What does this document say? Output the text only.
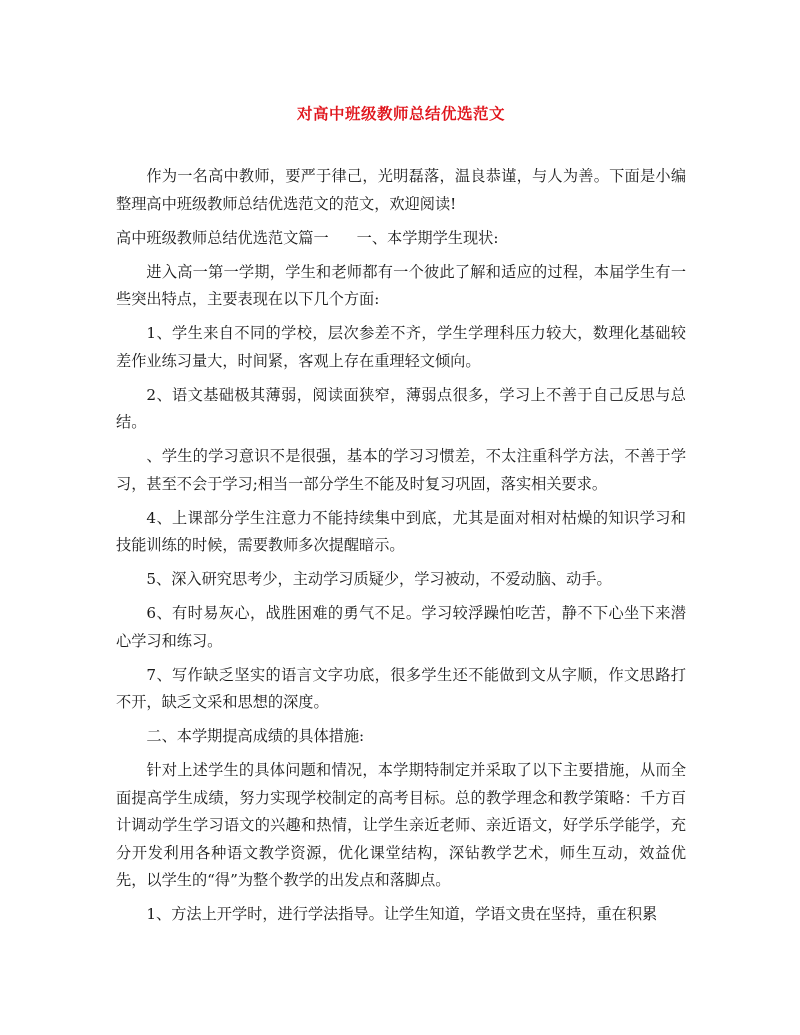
对高中班级教师总结优选范文

作为一名高中教师，要严于律己，光明磊落，温良恭谨，与人为善。下面是小编整理高中班级教师总结优选范文的范文，欢迎阅读!

高中班级教师总结优选范文篇一 一、本学期学生现状:

进入高一第一学期，学生和老师都有一个彼此了解和适应的过程，本届学生有一些突出特点，主要表现在以下几个方面:

1、学生来自不同的学校，层次参差不齐，学生学理科压力较大，数理化基础较差作业练习量大，时间紧，客观上存在重理轻文倾向。

2、语文基础极其薄弱，阅读面狭窄，薄弱点很多，学习上不善于自己反思与总结。

、学生的学习意识不是很强，基本的学习习惯差，不太注重科学方法，不善于学习，甚至不会于学习;相当一部分学生不能及时复习巩固，落实相关要求。

4、上课部分学生注意力不能持续集中到底，尤其是面对相对枯燥的知识学习和技能训练的时候，需要教师多次提醒暗示。

5、深入研究思考少，主动学习质疑少，学习被动，不爱动脑、动手。

6、有时易灰心，战胜困难的勇气不足。学习较浮躁怕吃苦，静不下心坐下来潜心学习和练习。

7、写作缺乏坚实的语言文字功底，很多学生还不能做到文从字顺，作文思路打不开，缺乏文采和思想的深度。

二、本学期提高成绩的具体措施:

针对上述学生的具体问题和情况，本学期特制定并采取了以下主要措施，从而全面提高学生成绩，努力实现学校制定的高考目标。总的教学理念和教学策略：千方百计调动学生学习语文的兴趣和热情，让学生亲近老师、亲近语文，好学乐学能学，充分开发利用各种语文教学资源，优化课堂结构，深钻教学艺术，师生互动，效益优先，以学生的“得”为整个教学的出发点和落脚点。

1、方法上开学时，进行学法指导。让学生知道，学语文贵在坚持，重在积累
